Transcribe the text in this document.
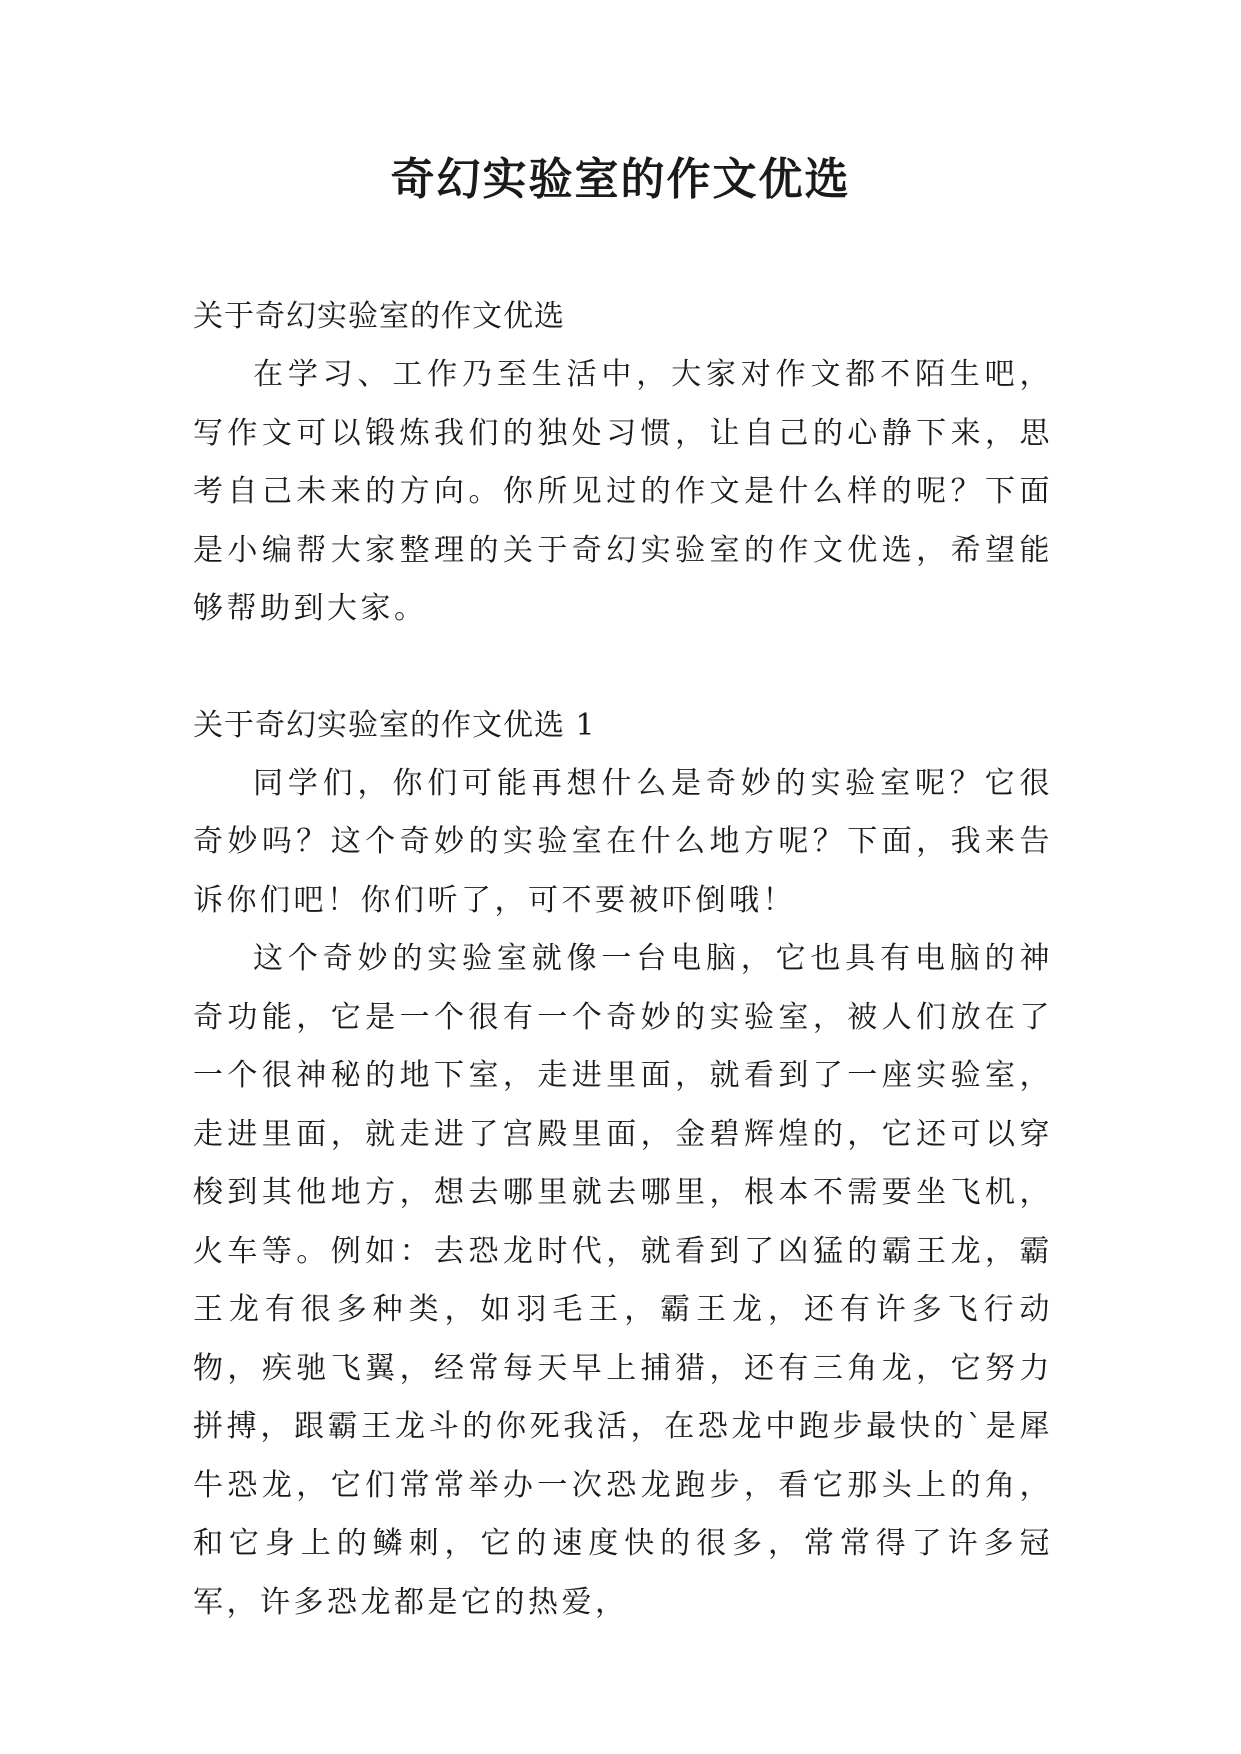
奇幻实验室的作文优选

关于奇幻实验室的作文优选

在学习、工作乃至生活中，大家对作文都不陌生吧，写作文可以锻炼我们的独处习惯，让自己的心静下来，思考自己未来的方向。你所见过的作文是什么样的呢？下面是小编帮大家整理的关于奇幻实验室的作文优选，希望能够帮助到大家。

关于奇幻实验室的作文优选 1

同学们，你们可能再想什么是奇妙的实验室呢？它很奇妙吗？这个奇妙的实验室在什么地方呢？下面，我来告诉你们吧！你们听了，可不要被吓倒哦！

这个奇妙的实验室就像一台电脑，它也具有电脑的神奇功能，它是一个很有一个奇妙的实验室，被人们放在了一个很神秘的地下室，走进里面，就看到了一座实验室，走进里面，就走进了宫殿里面，金碧辉煌的，它还可以穿梭到其他地方，想去哪里就去哪里，根本不需要坐飞机，火车等。例如：去恐龙时代，就看到了凶猛的霸王龙，霸王龙有很多种类，如羽毛王，霸王龙，还有许多飞行动物，疾驰飞翼，经常每天早上捕猎，还有三角龙，它努力拼搏，跟霸王龙斗的你死我活，在恐龙中跑步最快的`是犀牛恐龙，它们常常举办一次恐龙跑步，看它那头上的角，和它身上的鳞刺，它的速度快的很多，常常得了许多冠军，许多恐龙都是它的热爱，
